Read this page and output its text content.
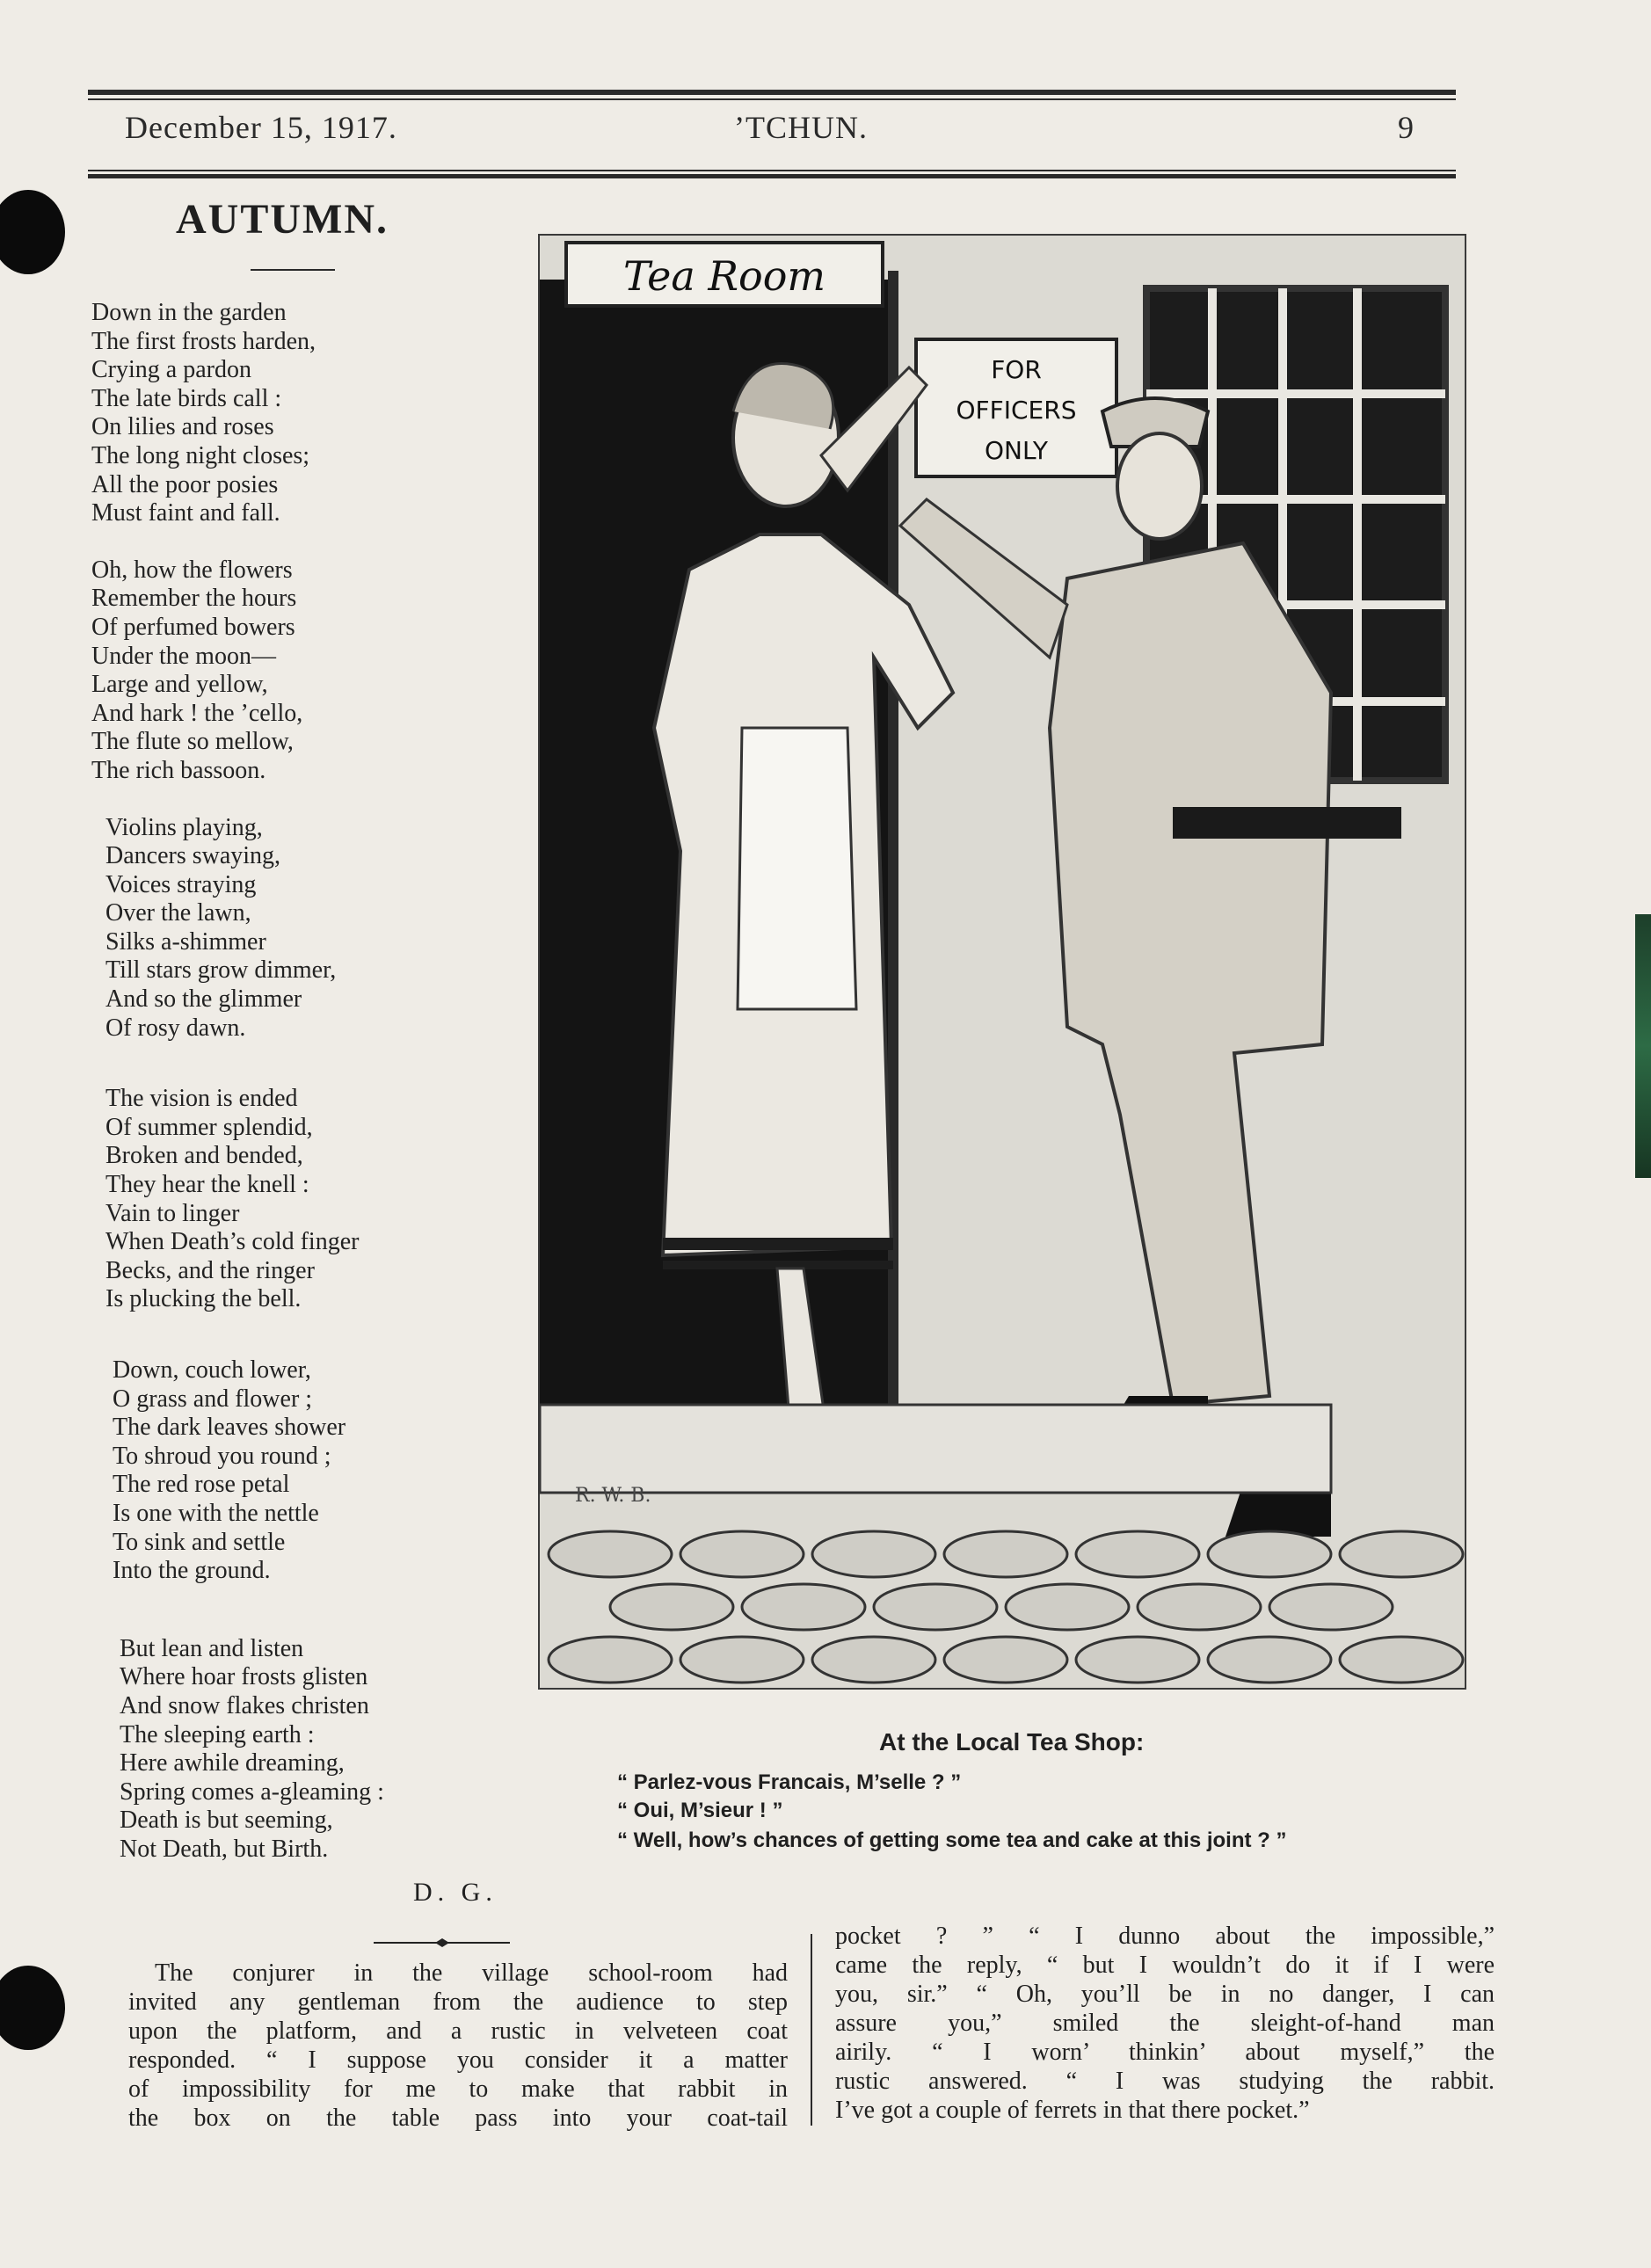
December 15, 1917.	’TCHUN.	9
AUTUMN.
Down in the garden
The first frosts harden,
Crying a pardon
The late birds call :
On lilies and roses
The long night closes;
All the poor posies
Must faint and fall.
Oh, how the flowers
Remember the hours
Of perfumed bowers
Under the moon—
Large and yellow,
And hark ! the ’cello,
The flute so mellow,
The rich bassoon.
Violins playing,
Dancers swaying,
Voices straying
Over the lawn,
Silks a-shimmer
Till stars grow dimmer,
And so the glimmer
Of rosy dawn.
The vision is ended
Of summer splendid,
Broken and bended,
They hear the knell :
Vain to linger
When Death’s cold finger
Becks, and the ringer
Is plucking the bell.
Down, couch lower,
O grass and flower ;
The dark leaves shower
To shroud you round ;
The red rose petal
Is one with the nettle
To sink and settle
Into the ground.
But lean and listen
Where hoar frosts glisten
And snow flakes christen
The sleeping earth :
Here awhile dreaming,
Spring comes a-gleaming :
Death is but seeming,
Not Death, but Birth.
D. G.
Tea Room
FOR
OFFICERS
ONLY
R. W. B.
At the Local Tea Shop:
“ Parlez-vous Francais, M’selle ? ”
“ Oui, M’sieur ! ”
“ Well, how’s chances of getting some tea and cake at this joint ? ”
The conjurer in the village school-room had
invited any gentleman from the audience to step
upon the platform, and a rustic in velveteen coat
responded. “ I suppose you consider it a matter
of impossibility for me to make that rabbit in
the box on the table pass into your coat-tail
pocket ? ” “ I dunno about the impossible,”
came the reply, “ but I wouldn’t do it if I were
you, sir.” “ Oh, you’ll be in no danger, I can
assure you,” smiled the sleight-of-hand man
airily. “ I worn’ thinkin’ about myself,” the
rustic answered. “ I was studying the rabbit.
I’ve got a couple of ferrets in that there pocket.”
